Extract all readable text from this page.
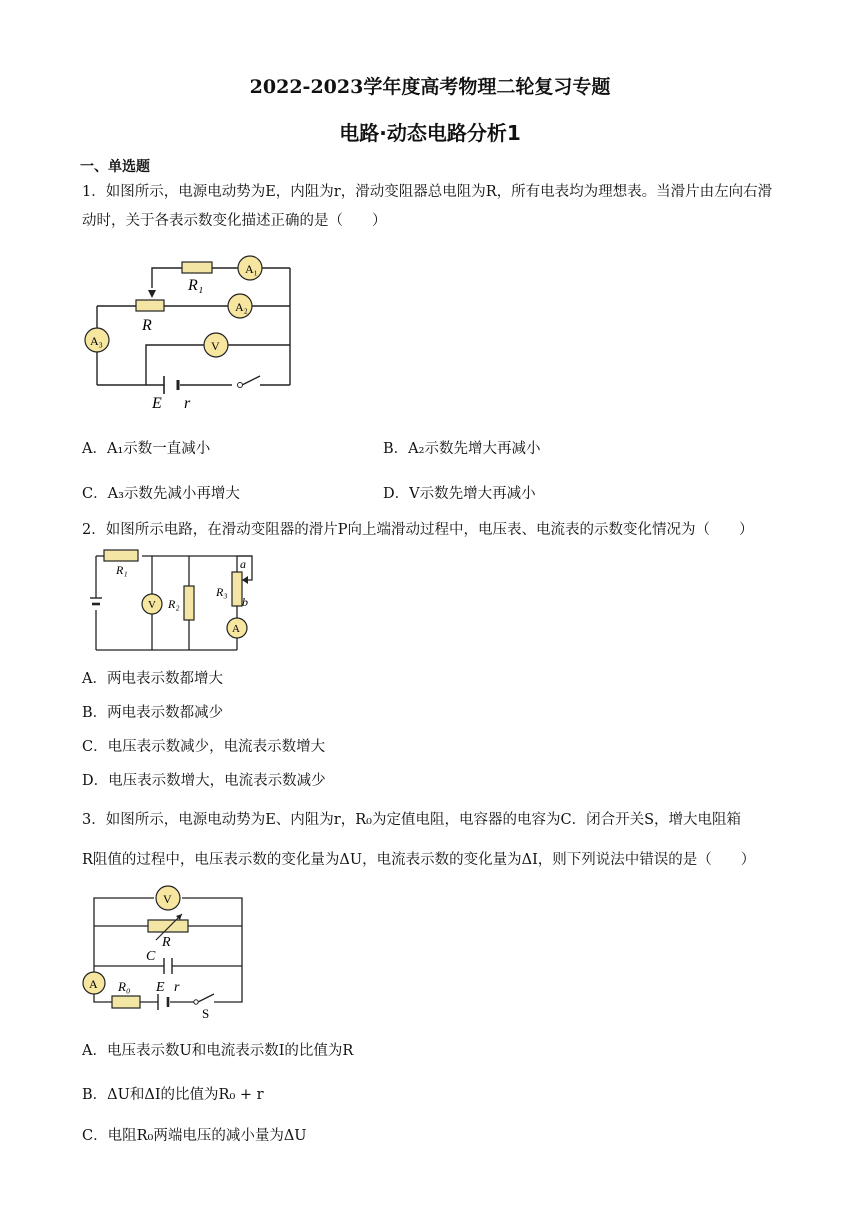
2022-2023学年度高考物理二轮复习专题
电路·动态电路分析1
一、单选题
1．如图所示，电源电动势为E，内阻为r，滑动变阻器总电阻为R，所有电表均为理想表。当滑片由左向右滑动时，关于各表示数变化描述正确的是（　　）
A₁
A₂
A₃	V
R₁
R
E r
A．A₁示数一直减小	B．A₂示数先增大再减小
C．A₃示数先减小再增大	D．V示数先增大再减小
2．如图所示电路，在滑动变阻器的滑片P向上端滑动过程中，电压表、电流表的示数变化情况为（　　）
V
A
R₁
R₂
R₃
a
b
A．两电表示数都增大
B．两电表示数都减少
C．电压表示数减少，电流表示数增大
D．电压表示数增大，电流表示数减少
3．如图所示，电源电动势为E、内阻为r，R₀为定值电阻，电容器的电容为C．闭合开关S，增大电阻箱
R阻值的过程中，电压表示数的变化量为ΔU，电流表示数的变化量为ΔI，则下列说法中错误的是（　　）
V
A
R
C
R₀ E r
S
A．电压表示数U和电流表示数I的比值为R
B．ΔU和ΔI的比值为R₀ + r
C．电阻R₀两端电压的减小量为ΔU
